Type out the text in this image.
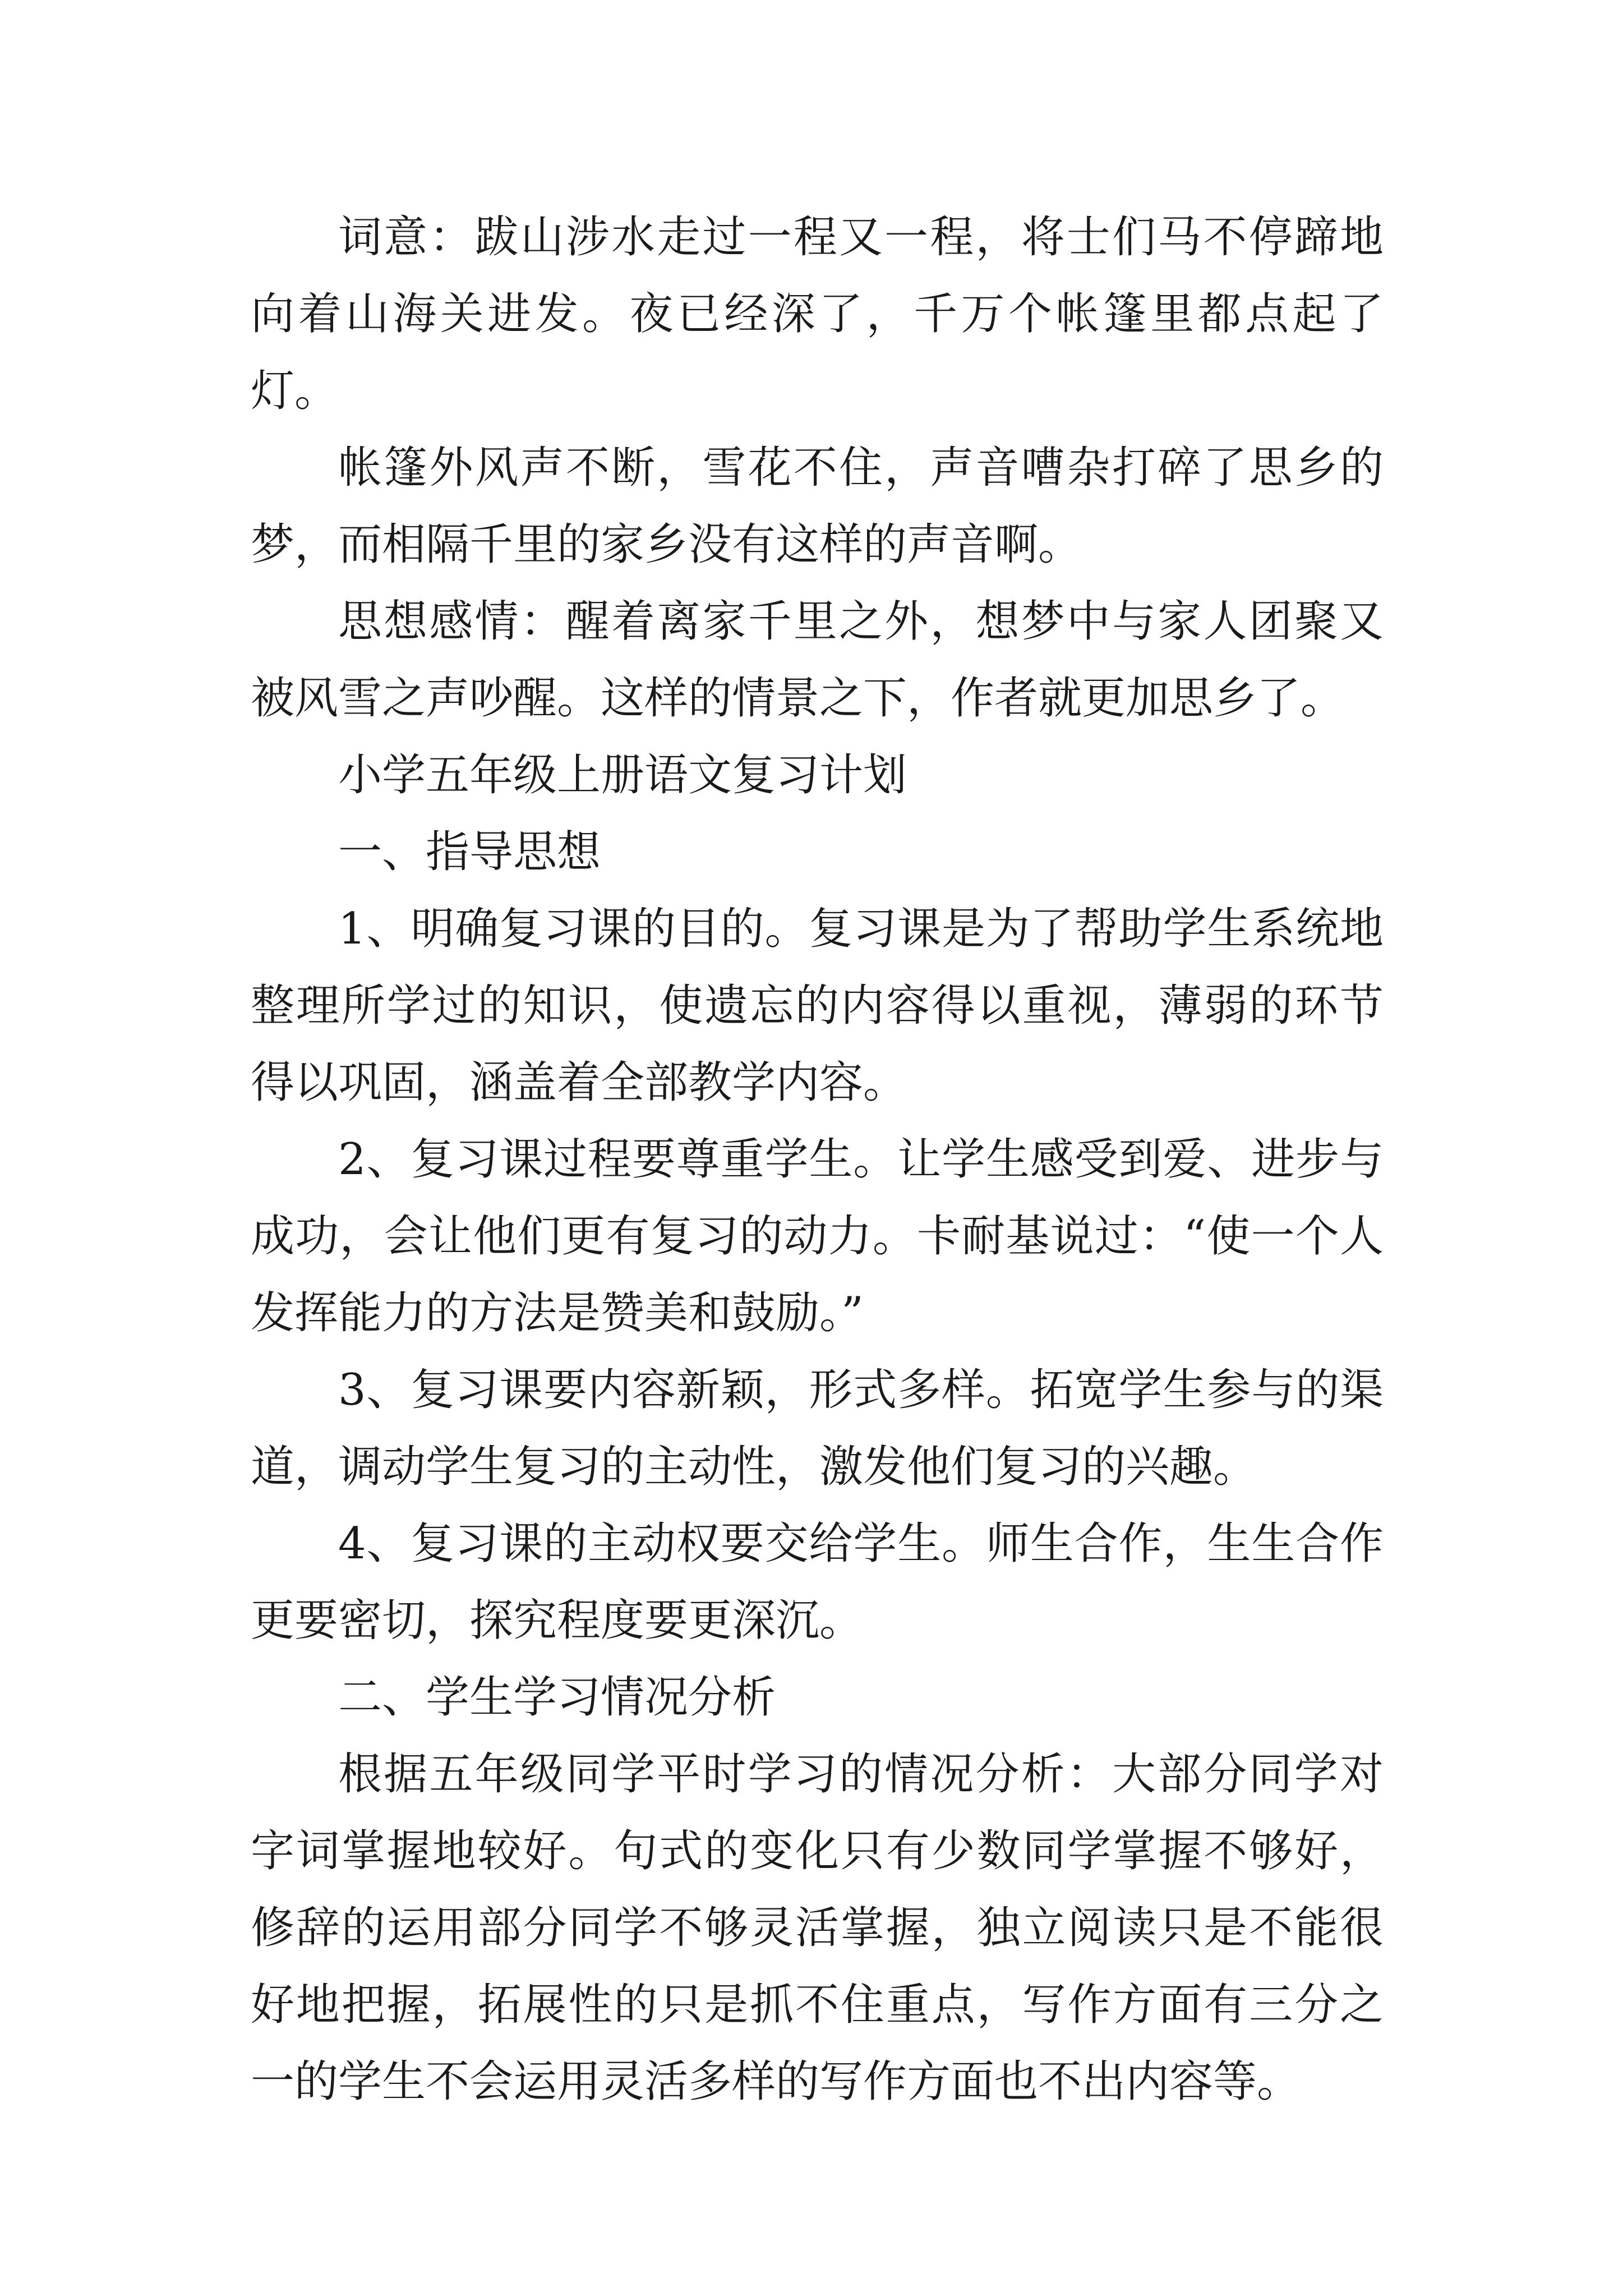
词意：跋山涉水走过一程又一程，将士们马不停蹄地向着山海关进发。夜已经深了，千万个帐篷里都点起了灯。

帐篷外风声不断，雪花不住，声音嘈杂打碎了思乡的梦，而相隔千里的家乡没有这样的声音啊。

思想感情：醒着离家千里之外，想梦中与家人团聚又被风雪之声吵醒。这样的情景之下，作者就更加思乡了。

小学五年级上册语文复习计划

一、指导思想

1、明确复习课的目的。复习课是为了帮助学生系统地整理所学过的知识，使遗忘的内容得以重视，薄弱的环节得以巩固，涵盖着全部教学内容。

2、复习课过程要尊重学生。让学生感受到爱、进步与成功，会让他们更有复习的动力。卡耐基说过：“使一个人发挥能力的方法是赞美和鼓励。”

3、复习课要内容新颖，形式多样。拓宽学生参与的渠道，调动学生复习的主动性，激发他们复习的兴趣。

4、复习课的主动权要交给学生。师生合作，生生合作更要密切，探究程度要更深沉。

二、学生学习情况分析

根据五年级同学平时学习的情况分析：大部分同学对字词掌握地较好。句式的变化只有少数同学掌握不够好，修辞的运用部分同学不够灵活掌握，独立阅读只是不能很好地把握，拓展性的只是抓不住重点，写作方面有三分之一的学生不会运用灵活多样的写作方面也不出内容等。
